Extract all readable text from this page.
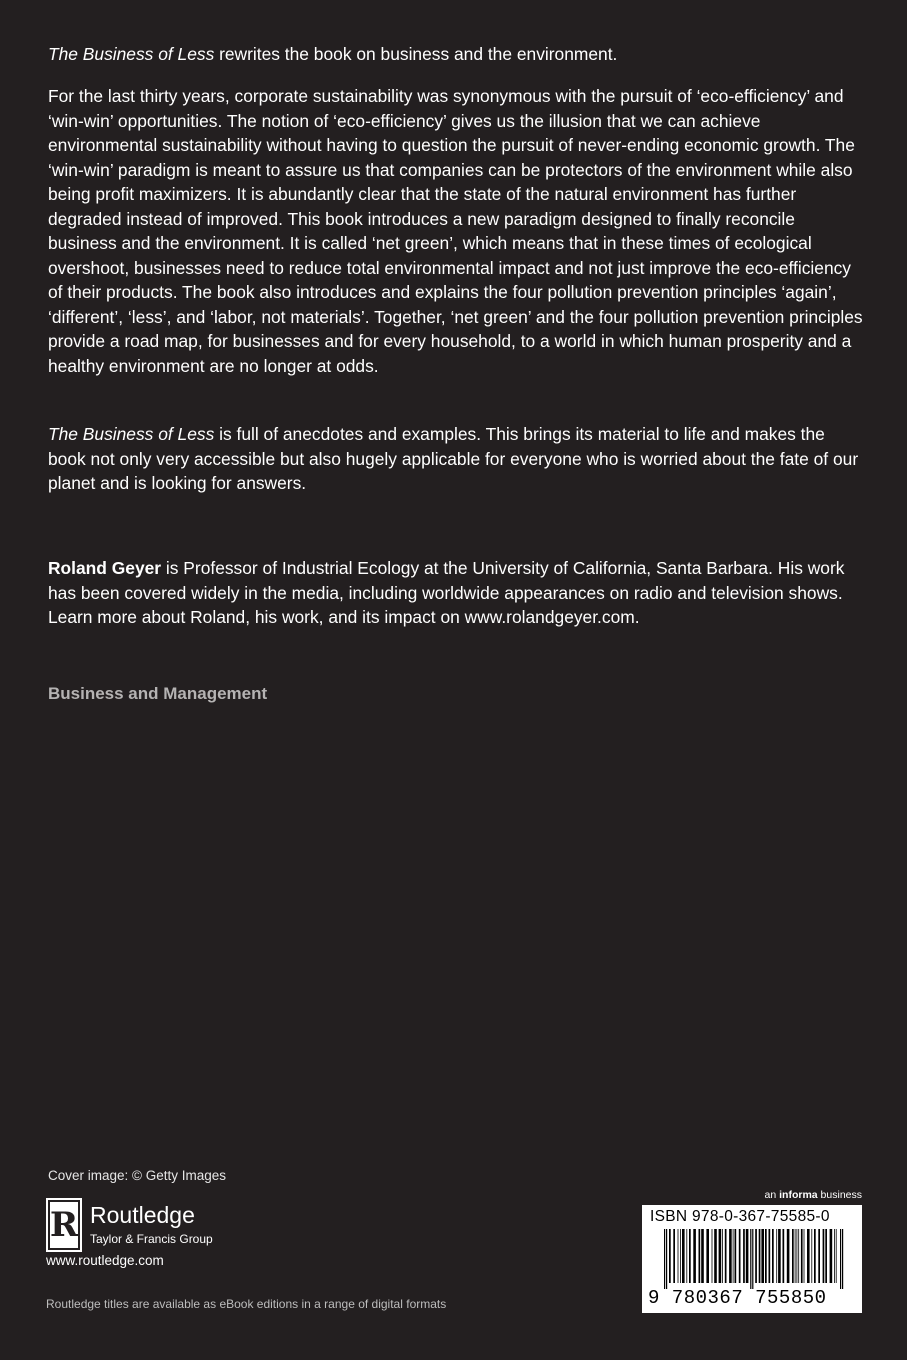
The Business of Less rewrites the book on business and the environment.

For the last thirty years, corporate sustainability was synonymous with the pursuit of ‘eco-efficiency’ and ‘win-win’ opportunities. The notion of ‘eco-efficiency’ gives us the illusion that we can achieve environmental sustainability without having to question the pursuit of never-ending economic growth. The ‘win-win’ paradigm is meant to assure us that companies can be protectors of the environment while also being profit maximizers. It is abundantly clear that the state of the natural environment has further degraded instead of improved. This book introduces a new paradigm designed to finally reconcile business and the environment. It is called ‘net green’, which means that in these times of ecological overshoot, businesses need to reduce total environmental impact and not just improve the eco-efficiency of their products. The book also introduces and explains the four pollution prevention principles ‘again’, ‘different’, ‘less’, and ‘labor, not materials’. Together, ‘net green’ and the four pollution prevention principles provide a road map, for businesses and for every household, to a world in which human prosperity and a healthy environment are no longer at odds.

The Business of Less is full of anecdotes and examples. This brings its material to life and makes the book not only very accessible but also hugely applicable for everyone who is worried about the fate of our planet and is looking for answers.

Roland Geyer is Professor of Industrial Ecology at the University of California, Santa Barbara. His work has been covered widely in the media, including worldwide appearances on radio and television shows. Learn more about Roland, his work, and its impact on www.rolandgeyer.com.

Business and Management

Cover image: © Getty Images

R Routledge
Taylor & Francis Group

www.routledge.com

Routledge titles are available as eBook editions in a range of digital formats

an informa business

ISBN 978-0-367-75585-0

9 780367 755850
